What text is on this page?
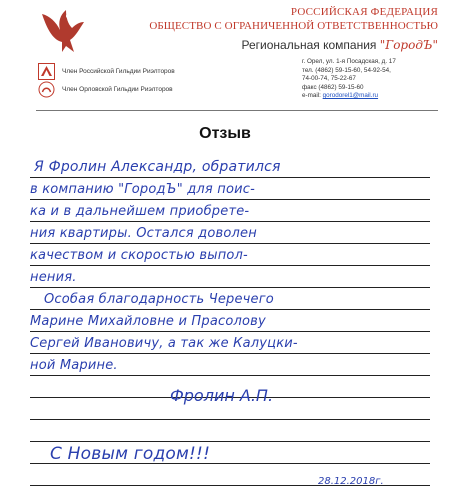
РОССИЙСКАЯ ФЕДЕРАЦИЯ
ОБЩЕСТВО С ОГРАНИЧЕННОЙ ОТВЕТСТВЕННОСТЬЮ
Региональная компания "ГородЪ"
Член Российской Гильдии Риэлторов
Член Орловской Гильдии Риэлторов
г. Орел, ул. 1-я Посадская, д. 17
тел. (4862) 59-15-60, 54-92-54,
74-00-74, 75-22-67
факс (4862) 59-15-60
e-mail: gorodorel1@mail.ru
Отзыв
Я Фролин Александр, обратился
в компанию "ГородЪ" для поис-
ка и в дальнейшем приобрете-
ния квартиры. Остался доволен
качеством и скоростью выпол-
нения.
Особая благодарность Черечего
Марине Михайловне и Прасолову
Сергей Ивановичу, а так же Калуцки-
ной Марине.
Фролин А.П.
С Новым годом!!!
28.12.2018г.
